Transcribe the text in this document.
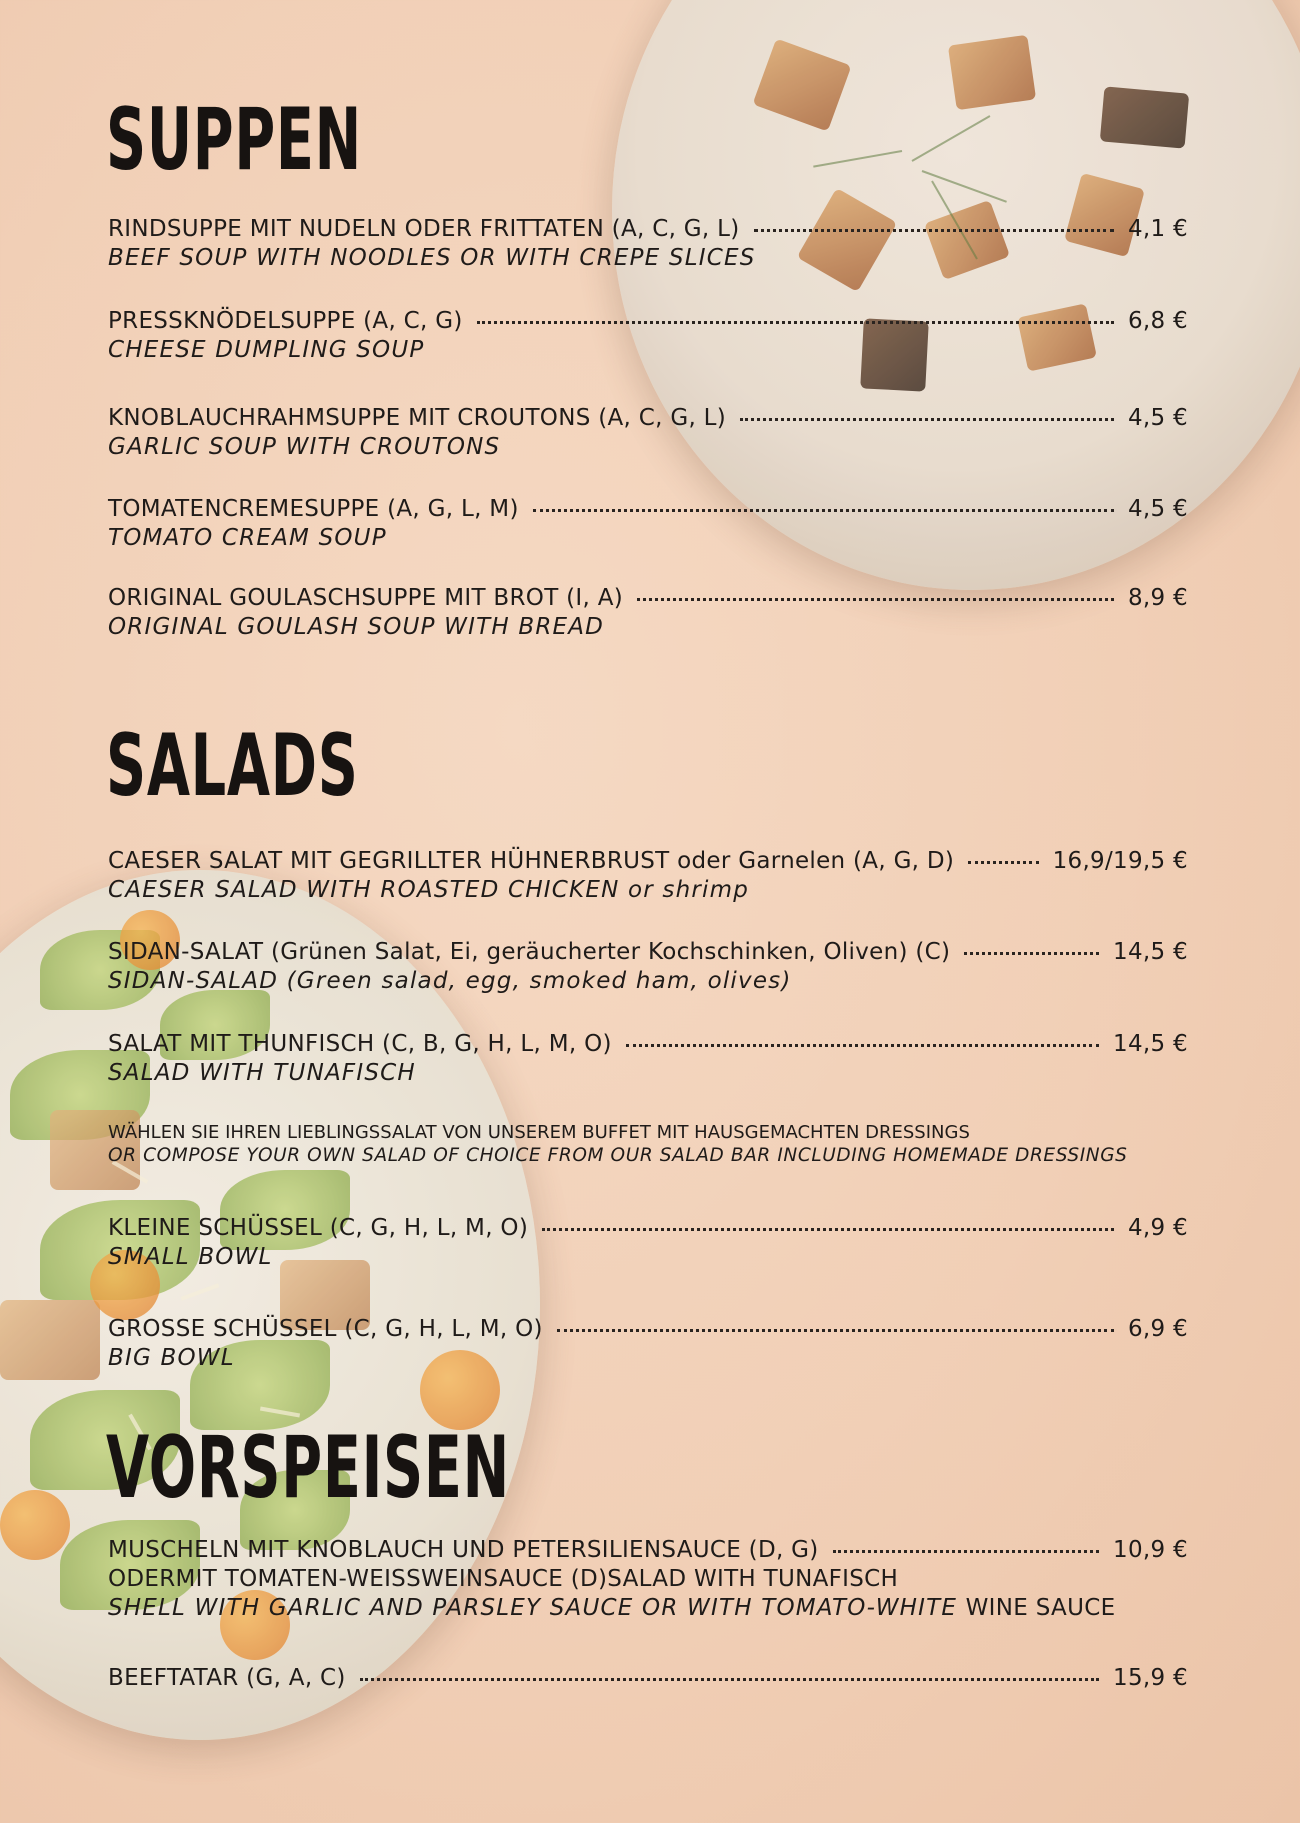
SUPPEN
RINDSUPPE MIT NUDELN ODER FRITTATEN (A, C, G, L)	4,1 €
BEEF SOUP WITH NOODLES OR WITH CREPE SLICES
PRESSKNÖDELSUPPE (A, C, G)	6,8 €
CHEESE DUMPLING SOUP
KNOBLAUCHRAHMSUPPE MIT CROUTONS (A, C, G, L)	4,5 €
GARLIC SOUP WITH CROUTONS
TOMATENCREMESUPPE (A, G, L, M)	4,5 €
TOMATO CREAM SOUP
ORIGINAL GOULASCHSUPPE MIT BROT (I, A)	8,9 €
ORIGINAL GOULASH SOUP WITH BREAD
SALADS
CAESER SALAT MIT GEGRILLTER HÜHNERBRUST oder Garnelen (A, G, D)	16,9/19,5 €
CAESER SALAD WITH ROASTED CHICKEN or shrimp
SIDAN-SALAT (Grünen Salat, Ei, geräucherter Kochschinken, Oliven) (C)	14,5 €
SIDAN-SALAD (Green salad, egg, smoked ham, olives)
SALAT MIT THUNFISCH (C, B, G, H, L, M, O)	14,5 €
SALAD WITH TUNAFISCH
WÄHLEN SIE IHREN LIEBLINGSSALAT VON UNSEREM BUFFET MIT HAUSGEMACHTEN DRESSINGS
OR COMPOSE YOUR OWN SALAD OF CHOICE FROM OUR SALAD BAR INCLUDING HOMEMADE DRESSINGS
KLEINE SCHÜSSEL (C, G, H, L, M, O)	4,9 €
SMALL BOWL
GROSSE SCHÜSSEL (C, G, H, L, M, O)	6,9 €
BIG BOWL
VORSPEISEN
MUSCHELN MIT KNOBLAUCH UND PETERSILIENSAUCE (D, G)	10,9 €
ODERMIT TOMATEN-WEISSWEINSAUCE (D)SALAD WITH TUNAFISCH
SHELL WITH GARLIC AND PARSLEY SAUCE OR WITH TOMATO-WHITE WINE SAUCE
BEEFTATAR (G, A, C)	15,9 €
